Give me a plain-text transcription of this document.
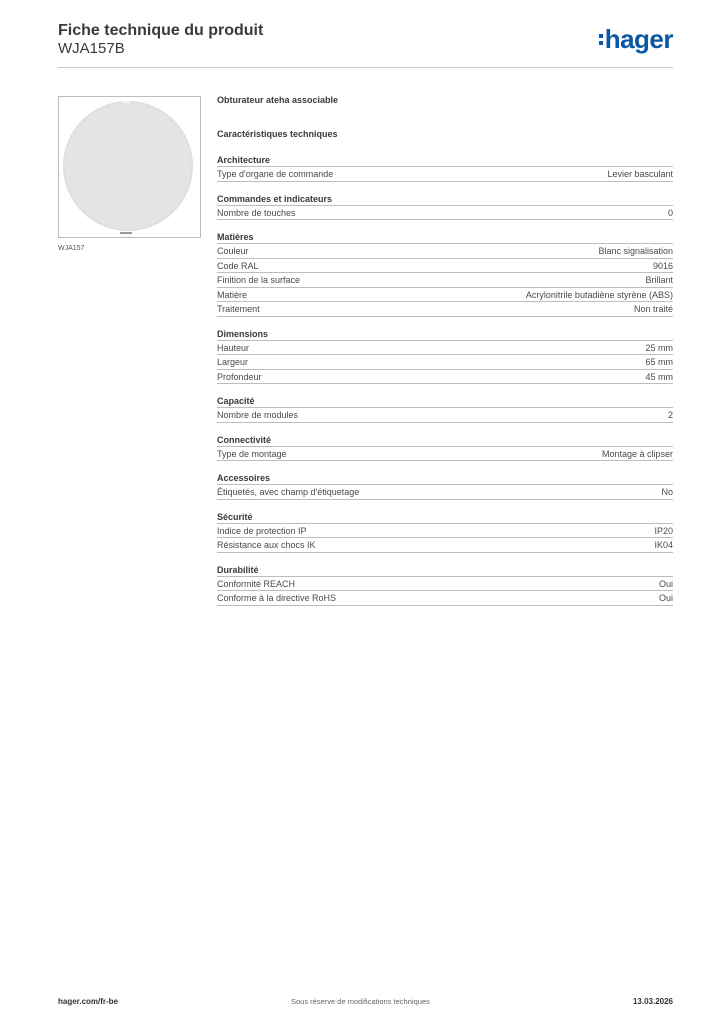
Fiche technique du produit
WJA157B	hager
WJA157
Obturateur ateha associable
Caractéristiques techniques
Architecture
Type d'organe de commande	Levier basculant
Commandes et indicateurs
Nombre de touches	0
Matières
Couleur	Blanc signalisation
Code RAL	9016
Finition de la surface	Brillant
Matière	Acrylonitrile butadiène styrène (ABS)
Traitement	Non traité
Dimensions
Hauteur	25 mm
Largeur	65 mm
Profondeur	45 mm
Capacité
Nombre de modules	2
Connectivité
Type de montage	Montage à clipser
Accessoires
Étiquetés, avec champ d'étiquetage	No
Sécurité
Indice de protection IP	IP20
Résistance aux chocs IK	IK04
Durabilité
Conformité REACH	Oui
Conforme à la directive RoHS	Oui
hager.com/fr-be	Sous réserve de modifications techniques	13.03.2026
